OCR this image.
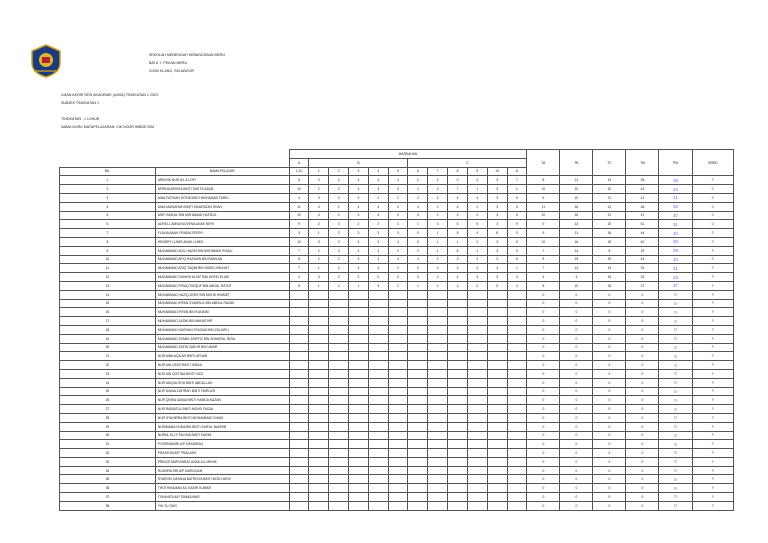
SEKOLAH MENENGAH KEBANGSAAN MERU
BATU 7, PEKAN MERU
41050 KLANG, SELANGOR
UJIAN AKHIR SESI AKADEMIK (UASA) TINGKATAN 1 2023
SUBJEK TINGKATAN 1
TINGKATAN : 1 LUHUR
NAMA GURU MATAPELAJARAN: CIK NOOR IMBOE IDM
		MARKAHAN												TA	TB	TC	TM	PM	GRED
		A	B					C											
BIL	NAMA PELAJAR	1-10	1	2	3	4	5	6	7	8	9	10	11						
1	ARISHIK NUR A/L A LOPI	8	0	2	3	4	4	2	2	0	2	3	7	8	21	13	28	38	F
2	AFRINA ARISSA BINTI SIGITS AZAM	10	2	2	4	3	3	1	2	7	1	3	1	10	10	20	43	44	E
3	AINA FATIHAH SOFIA BINTI MOHAMAD FARID	4	3	3	3	2	2	2	2	4	4	3	6	6	10	21	41	41	E
4	AINA MAISARAH BINTI KHAIRUDIN SHAH	11	4	2	4	4	2	4	2	6	2	3	5	11	16	21	48	48	D
5	ASIF HAIKAL BIN MOHAMAD HAFIZUL	10	4	2	3	4	2	3	2	3	2	3	5	10	16	21	47	47	E
6	AURELL AMNA NOVENA ANAK NERI	9	2	3	2	2	2	1	3	6	5	3	9	9	13	20	51	51	D
7	FLAVIA ANAK FRASIA FERDY	3	1	2	3	3	3	0	1	5	4	8	3	9	11	16	44	44	E
8	HENDRY LUMIS ANAK LUMIS	10	3	3	4	3	4	0	1	1	2	3	5	10	16	15	40	40	E
9	MUHAMMAD ADIL HAZIM BIN MOHAMAD RIZALI	7	2	3	4	3	2	2	1	6	1	3	0	7	14	8	29	29	F
10	MUHAMMAD AFIQ HAZWAN BIN RAMLAN	8	2	2	3	3	4	4	2	3	2	2	6	8	15	20	43	43	E
11	MUHAMMAD ASIQ TAQIM BIN RASID HIDAYAT	7	1	2	3	4	2	0	0	2	2	4	1	7	13	13	31	31	F
12	MUHAMMAD DANISH ALTAF BIN MOHD ELIAS	4	0	2	2	0	0	0	0	4	3	3	3	4	4	15	23	23	F
13	MUHAMMAD FIRAQ RIZQUP BIN ABDUL RATUF	8	1	2	1	3	2	1	1	2	2	5	4	8	10	16	37	37	F
14	MUHAMMAD HAZIQ ZEMY BIN MOHD HIMMET													0	0	0	0	0	F
15	MUHAMMAD IRFAN SYAMSUL BIN ABDUL RAZAK													0	0	0	0	0	F
16	MUHAMMAD IRFAN BIN KUNAINI													0	0	0	0	0	F
17	MUHAMMAD JAZMI BIN MAHATHIR													0	0	0	0	0	F
18	MUHAMMAD NURHAN SYAZIAN BIN ZULKIPLI													0	0	0	0	0	F
19	MUHAMMAD SYABIL ARIFFIZ BIN SHAHRUL RIZAL													0	0	0	0	0	F
20	MUHAMMAD ZAFIN ZAKUR BIN UMAR													0	0	0	0	0	F
21	NUR AINA AQILAH BINTI AFNAN													0	0	0	0	0	F
22	NUR AIN UZATI BINTI ISMAIL													0	0	0	0	0	F
23	NUR AIN QISTINA BINTI HUZI													0	0	0	0	0	F
24	NUR ADIQALISYA BINTI ABDULLAH													0	0	0	0	0	F
25	NUR DANIA ZAFIRAH BINTI FAIRUZH													0	0	0	0	0	F
26	NUR QISRA DANIA BINTI HAMDA NAZAN													0	0	0	0	0	F
27	NUR RABIATUL BINTI MOHD FAIZAL													0	0	0	0	0	F
28	NUR SYAHIRRA BINTI MOHAMMAD SHAM													0	0	0	0	0	F
29	NURIMANA HUMAIRA BINTI SAIFUL BAHRIN													0	0	0	0	0	F
30	NURUL ELLY FALISIA BINTI KARIM													0	0	0	0	0	F
31	POORNAMIRI A/P DASARIAN													0	0	0	0	0	F
32	PRATIKSA A/P PRAKASH													0	0	0	0	0	F
33	PRINCE MARVINRAJ ANAK A/L MENIK													0	0	0	0	0	F
34	RUDHRA SRI A/P MURUGAN													0	0	0	0	0	F
35	SYARISH DAYANA BATRISYA BINTI MOD HAFIZ													0	0	0	0	0	F
36	THOTHIKAMAN A/L SASHI KUMAR													0	0	0	0	0	F
37	TSHAHITA A/P SIVAKUMAR													0	0	0	0	0	F
38	YIK YU JING													0	0	0	0	0	F
